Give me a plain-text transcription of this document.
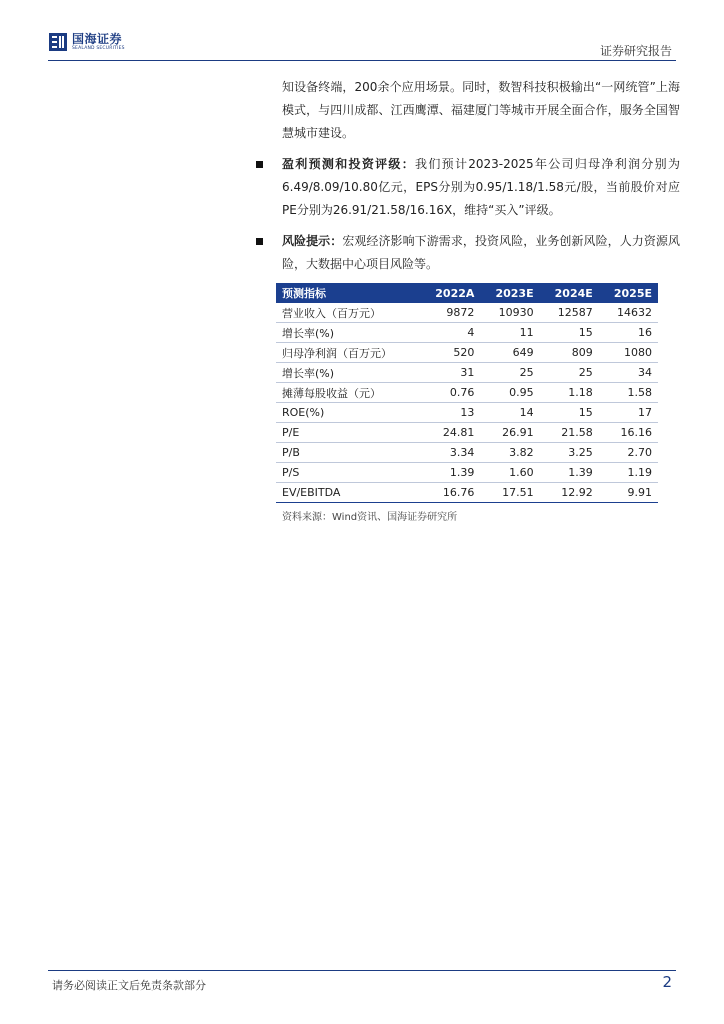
国海证券
SEALAND SECURITIES	证券研究报告

知设备终端，200余个应用场景。同时，数智科技积极输出“一网统管”上海模式，与四川成都、江西鹰潭、福建厦门等城市开展全面合作，服务全国智慧城市建设。

盈利预测和投资评级：我们预计2023-2025年公司归母净利润分别为6.49/8.09/10.80亿元，EPS分别为0.95/1.18/1.58元/股，当前股价对应PE分别为26.91/21.58/16.16X，维持“买入”评级。

风险提示：宏观经济影响下游需求，投资风险，业务创新风险，人力资源风险，大数据中心项目风险等。

预测指标	2022A	2023E	2024E	2025E
营业收入（百万元）	9872	10930	12587	14632
增长率(%)	4	11	15	16
归母净利润（百万元）	520	649	809	1080
增长率(%)	31	25	25	34
摊薄每股收益（元）	0.76	0.95	1.18	1.58
ROE(%)	13	14	15	17
P/E	24.81	26.91	21.58	16.16
P/B	3.34	3.82	3.25	2.70
P/S	1.39	1.60	1.39	1.19
EV/EBITDA	16.76	17.51	12.92	9.91
资料来源：Wind资讯、国海证券研究所
请务必阅读正文后免责条款部分	2
